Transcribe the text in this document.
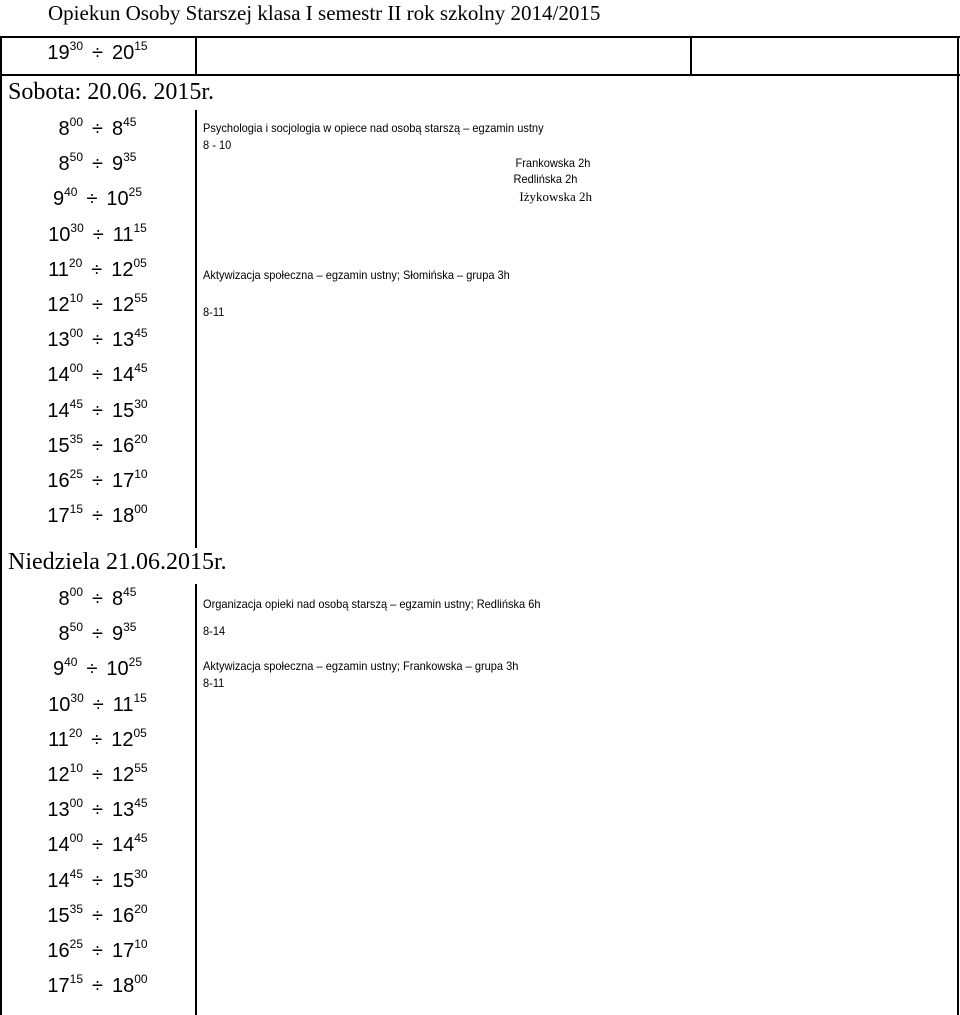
Opiekun Osoby Starszej klasa I semestr II rok szkolny 2014/2015
$19^{30} \div 20^{15}$
Sobota: 20.06. 2015r.
$8^{00} \div 8^{45}$
$8^{50} \div 9^{35}$
$9^{40} \div 10^{25}$
$10^{30} \div 11^{15}$
$11^{20} \div 12^{05}$
$12^{10} \div 12^{55}$
$13^{00} \div 13^{45}$
$14^{00} \div 14^{45}$
$14^{45} \div 15^{30}$
$15^{35} \div 16^{20}$
$16^{25} \div 17^{10}$
$17^{15} \div 18^{00}$
Niedziela 21.06.2015r.
$8^{00} \div 8^{45}$
$8^{50} \div 9^{35}$
$9^{40} \div 10^{25}$
$10^{30} \div 11^{15}$
$11^{20} \div 12^{05}$
$12^{10} \div 12^{55}$
$13^{00} \div 13^{45}$
$14^{00} \div 14^{45}$
$14^{45} \div 15^{30}$
$15^{35} \div 16^{20}$
$16^{25} \div 17^{10}$
$17^{15} \div 18^{00}$
Psychologia i socjologia w opiece nad osobą starszą – egzamin ustny
8 - 10
Frankowska 2h
Redlińska 2h
Iżykowska 2h
Aktywizacja społeczna – egzamin ustny; Słomińska – grupa 3h
8-11
Organizacja opieki nad osobą starszą – egzamin ustny; Redlińska 6h
8-14
Aktywizacja społeczna – egzamin ustny; Frankowska – grupa 3h
8-11
